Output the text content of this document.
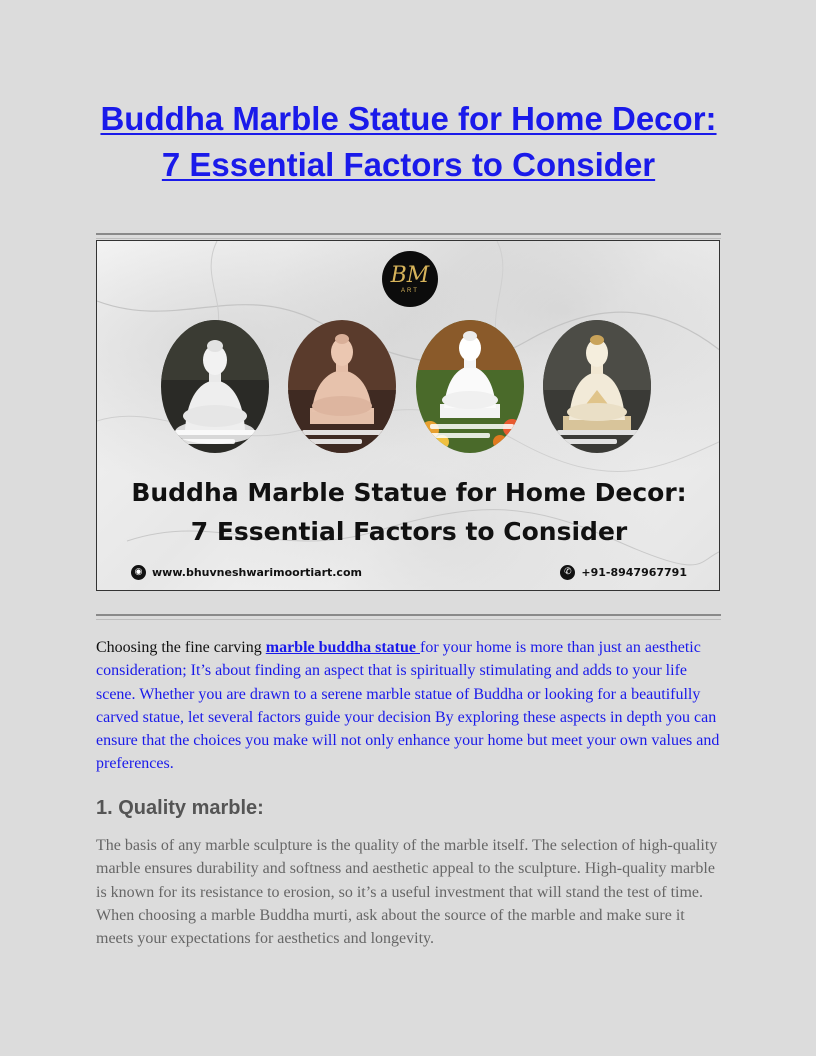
Buddha Marble Statue for Home Decor: 7 Essential Factors to Consider
BM
ART
Buddha Marble Statue for Home Decor:
7 Essential Factors to Consider
◉ www.bhuvneshwarimoortiart.com	✆ +91-8947967791

Choosing the fine carving marble buddha statue for your home is more than just an aesthetic consideration; It’s about finding an aspect that is spiritually stimulating and adds to your life scene. Whether you are drawn to a serene marble statue of Buddha or looking for a beautifully carved statue, let several factors guide your decision By exploring these aspects in depth you can ensure that the choices you make will not only enhance your home but meet your own values and preferences.

1. Quality marble:

The basis of any marble sculpture is the quality of the marble itself. The selection of high-quality marble ensures durability and softness and aesthetic appeal to the sculpture. High-quality marble is known for its resistance to erosion, so it’s a useful investment that will stand the test of time. When choosing a marble Buddha murti, ask about the source of the marble and make sure it meets your expectations for aesthetics and longevity.
